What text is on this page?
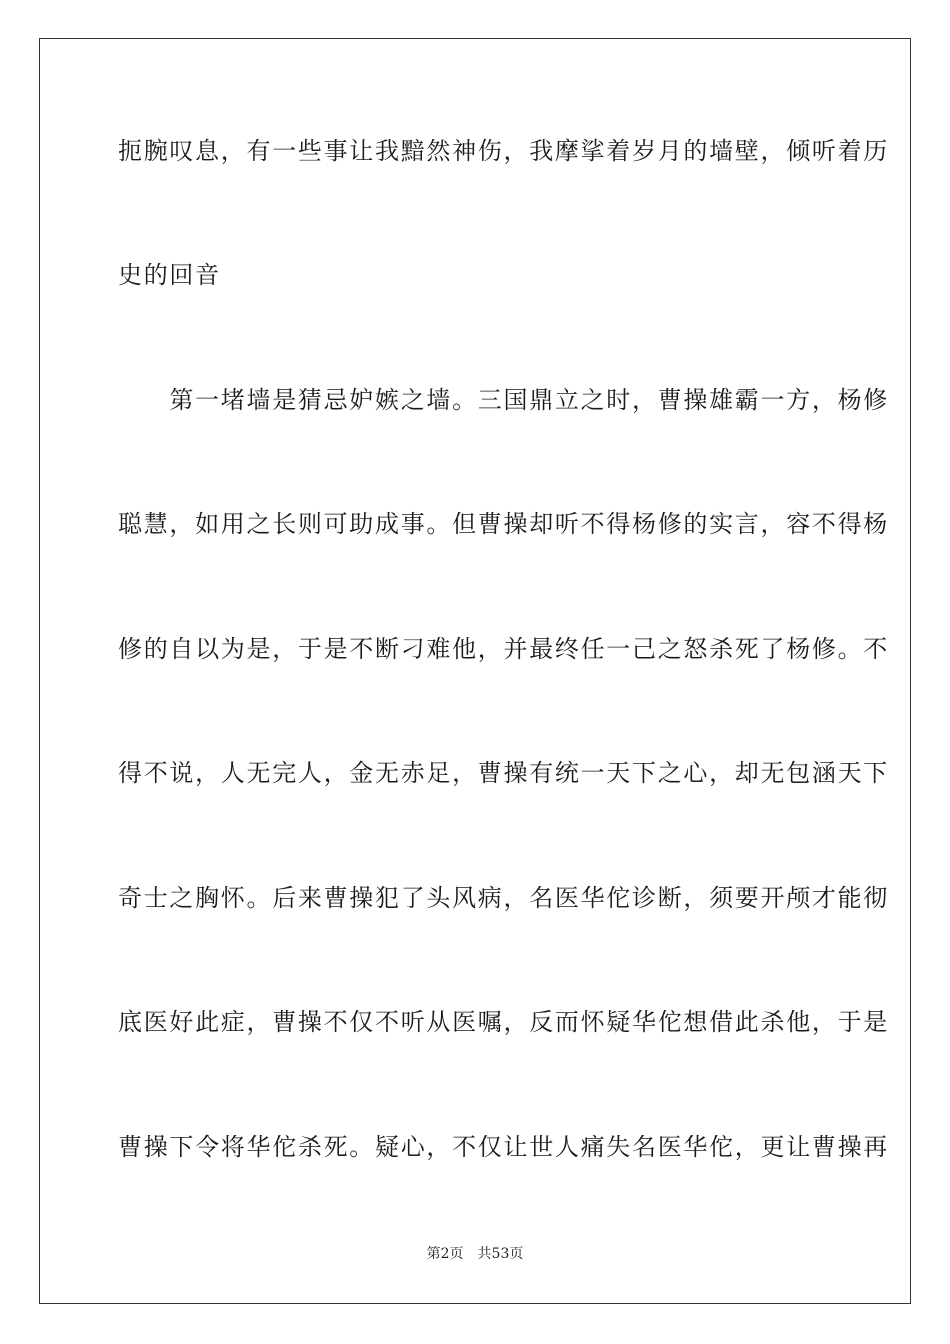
扼腕叹息，有一些事让我黯然神伤，我摩挲着岁月的墙壁，倾听着历
史的回音
　　第一堵墙是猜忌妒嫉之墙。三国鼎立之时，曹操雄霸一方，杨修
聪慧，如用之长则可助成事。但曹操却听不得杨修的实言，容不得杨
修的自以为是，于是不断刁难他，并最终任一己之怒杀死了杨修。不
得不说，人无完人，金无赤足，曹操有统一天下之心，却无包涵天下
奇士之胸怀。后来曹操犯了头风病，名医华佗诊断，须要开颅才能彻
底医好此症，曹操不仅不听从医嘱，反而怀疑华佗想借此杀他，于是
曹操下令将华佗杀死。疑心，不仅让世人痛失名医华佗，更让曹操再
第2页 共53页
